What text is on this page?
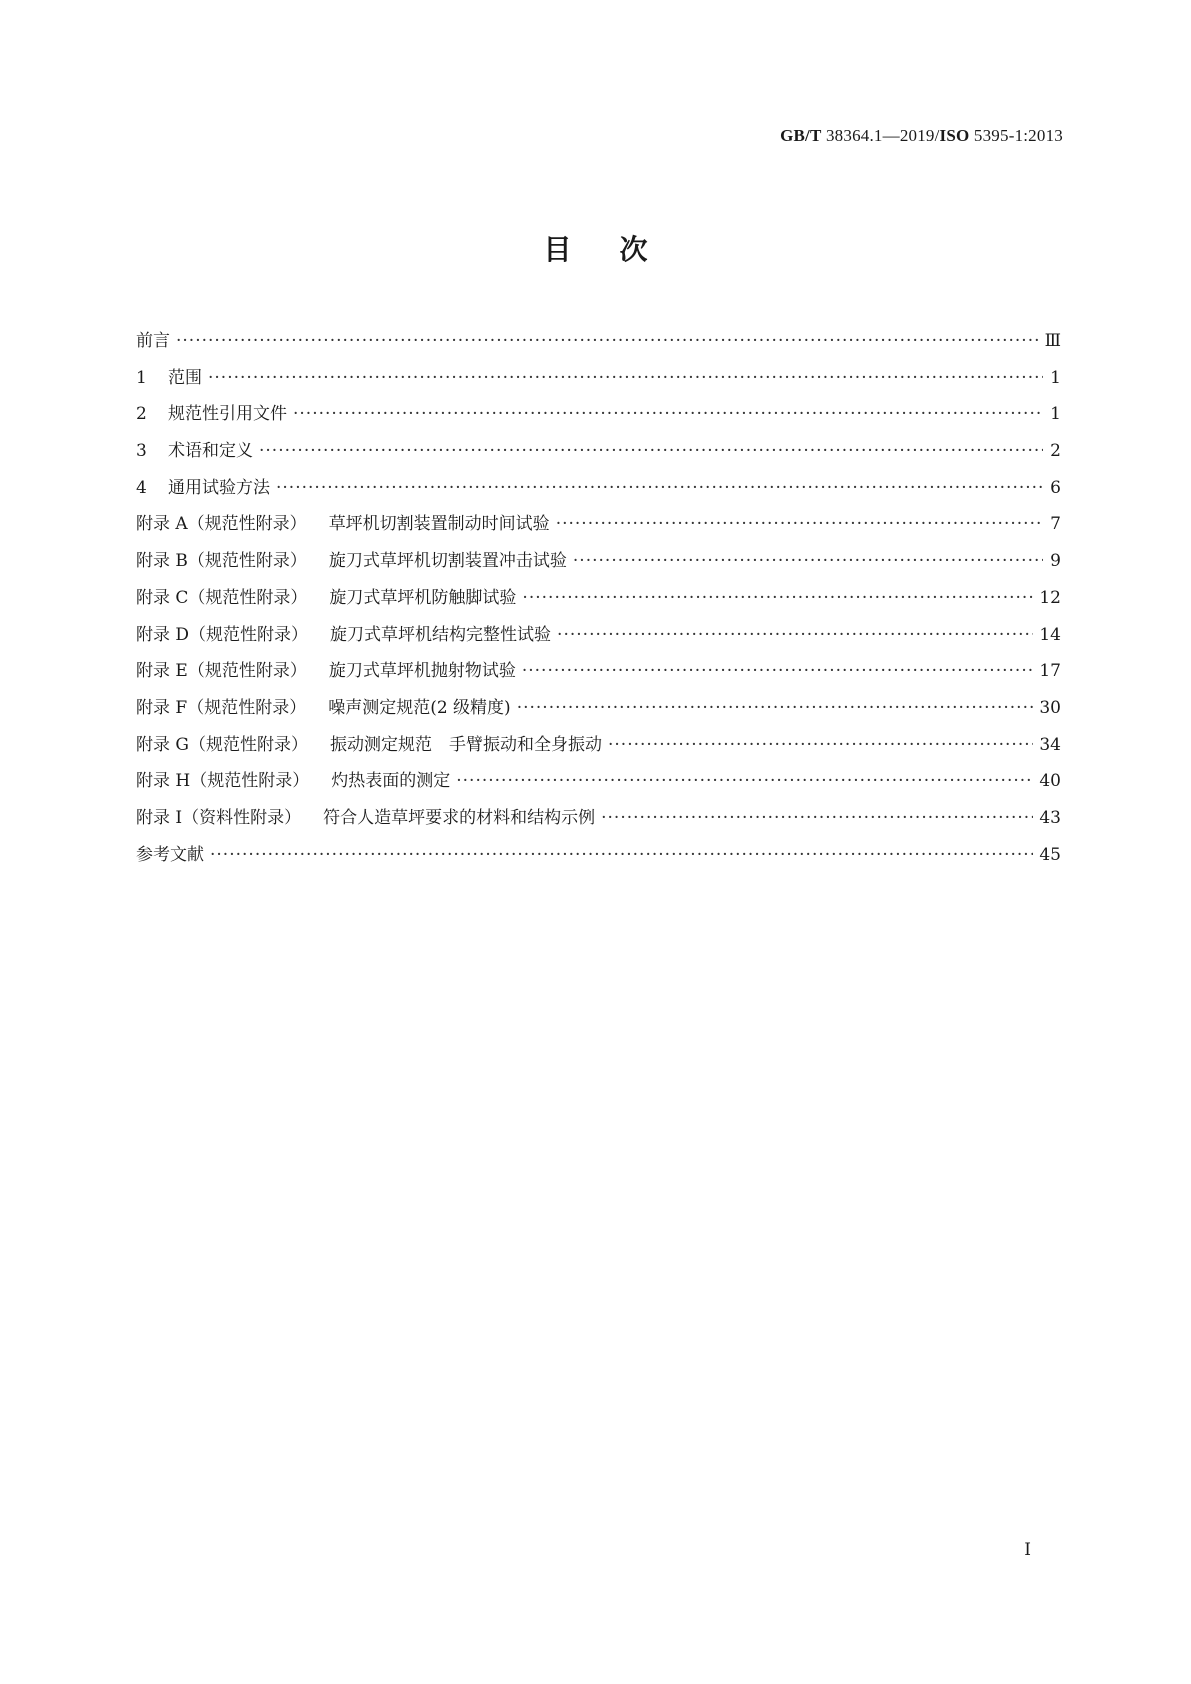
GB/T 38364.1—2019/ISO 5395-1:2013
目次
前言 ·····	Ⅲ
1 范围 ·····	1
2 规范性引用文件 ·····	1
3 术语和定义 ·····	2
4 通用试验方法 ·····	6
附录 A（规范性附录） 草坪机切割装置制动时间试验 ·····	7
附录 B（规范性附录） 旋刀式草坪机切割装置冲击试验 ·····	9
附录 C（规范性附录） 旋刀式草坪机防触脚试验 ·····	12
附录 D（规范性附录） 旋刀式草坪机结构完整性试验 ·····	14
附录 E（规范性附录） 旋刀式草坪机抛射物试验 ·····	17
附录 F（规范性附录） 噪声测定规范(2 级精度) ·····	30
附录 G（规范性附录） 振动测定规范　手臂振动和全身振动 ·····	34
附录 H（规范性附录） 灼热表面的测定 ·····	40
附录 I（资料性附录） 符合人造草坪要求的材料和结构示例 ·····	43
参考文献 ·····	45
I
